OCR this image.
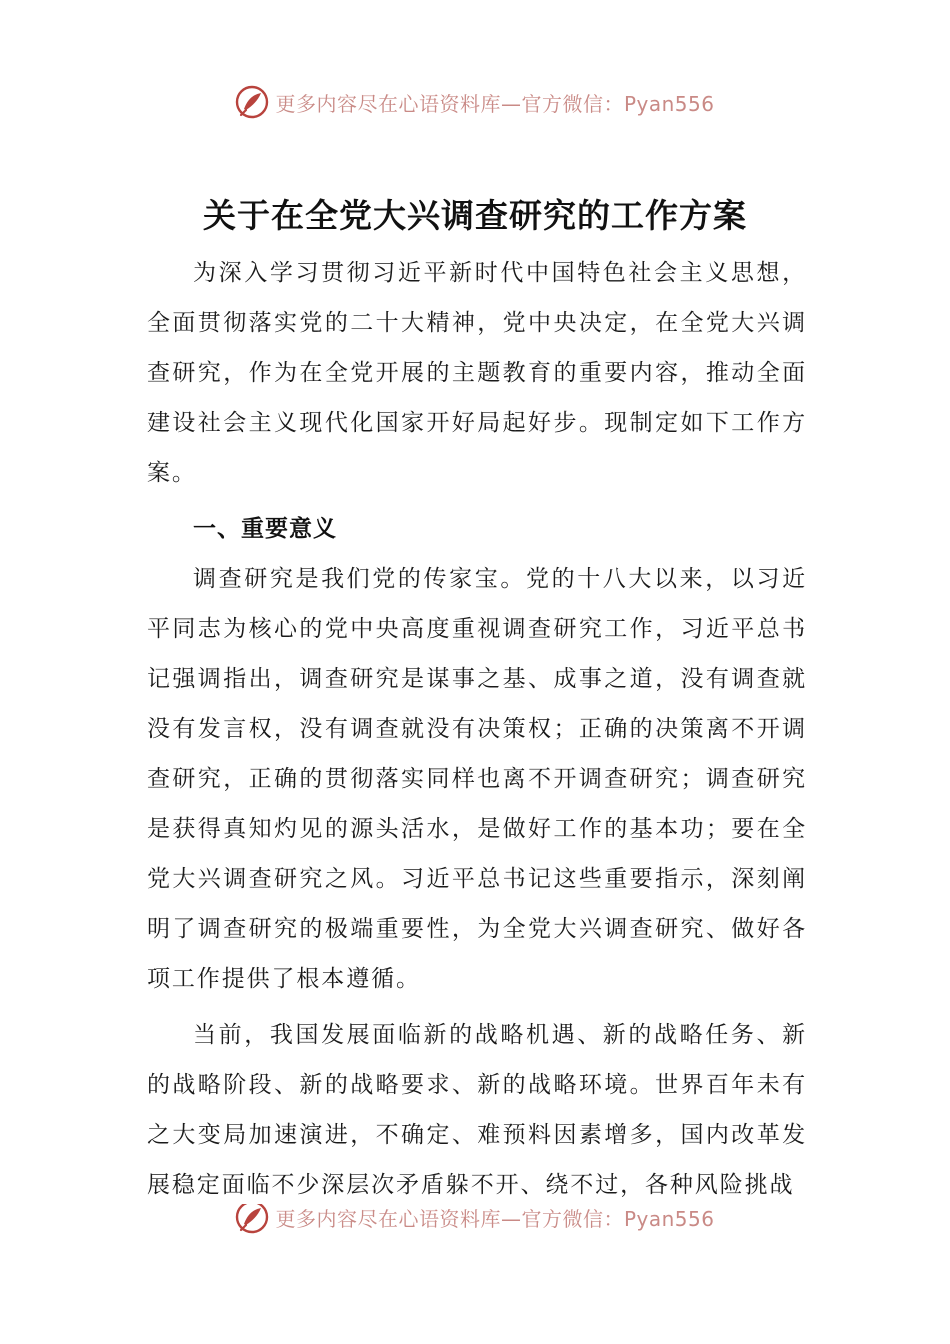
更多内容尽在心语资料库—官方微信：Pyan556
关于在全党大兴调查研究的工作方案

为深入学习贯彻习近平新时代中国特色社会主义思想，全面贯彻落实党的二十大精神，党中央决定，在全党大兴调查研究，作为在全党开展的主题教育的重要内容，推动全面建设社会主义现代化国家开好局起好步。现制定如下工作方案。

一、重要意义

调查研究是我们党的传家宝。党的十八大以来，以习近平同志为核心的党中央高度重视调查研究工作，习近平总书记强调指出，调查研究是谋事之基、成事之道，没有调查就没有发言权，没有调查就没有决策权；正确的决策离不开调查研究，正确的贯彻落实同样也离不开调查研究；调查研究是获得真知灼见的源头活水，是做好工作的基本功；要在全党大兴调查研究之风。习近平总书记这些重要指示，深刻阐明了调查研究的极端重要性，为全党大兴调查研究、做好各项工作提供了根本遵循。

当前，我国发展面临新的战略机遇、新的战略任务、新的战略阶段、新的战略要求、新的战略环境。世界百年未有之大变局加速演进，不确定、难预料因素增多，国内改革发展稳定面临不少深层次矛盾躲不开、绕不过，各种风险挑战

更多内容尽在心语资料库—官方微信：Pyan556
